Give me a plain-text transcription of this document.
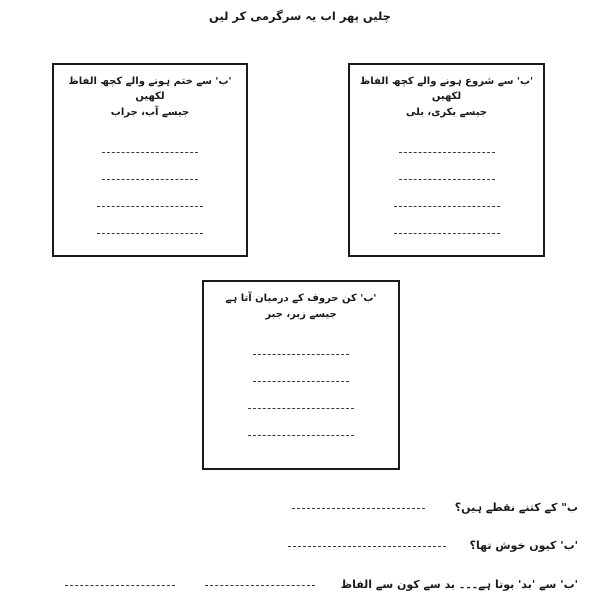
چلیں پھر اب یہ سرگرمی کر لیں
'ب' سے ختم ہونے والے کچھ الفاظ لکھیں
جیسے آب، جراب
'ب' سے شروع ہونے والے کچھ الفاظ لکھیں
جیسے بکری، بلی
'ب' کن حروف کے درمیان آتا ہے
جیسے زبر، جبر
ب" کے کتنے نقطے ہیں؟
'ب' کیوں خوش تھا؟
'ب' سے 'بد' بوتا ہے۔۔۔ بد سے کون سے الفاظ
